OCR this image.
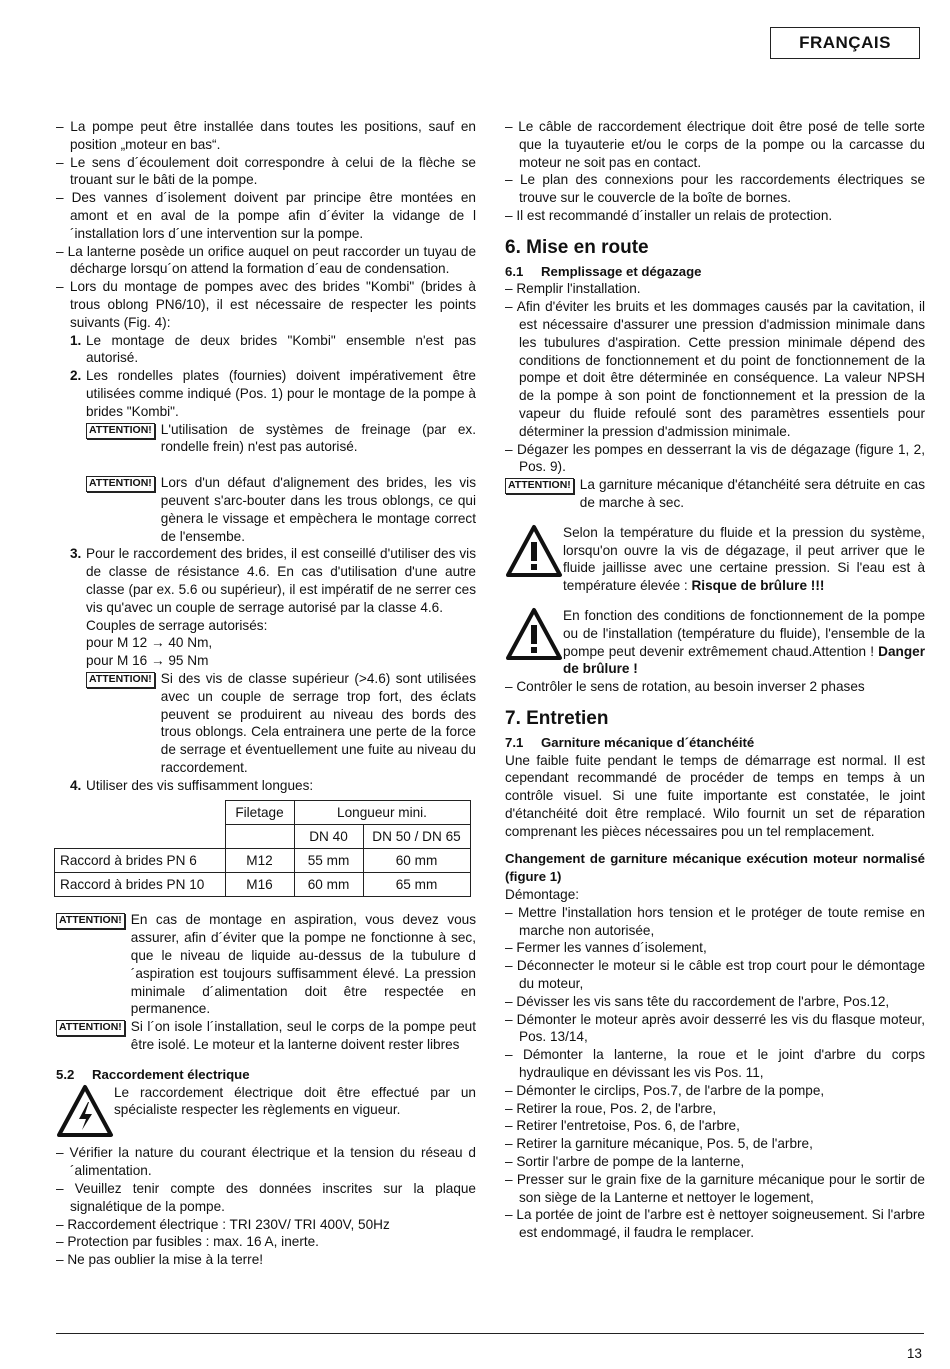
FRANÇAIS

– La pompe peut être installée dans toutes les positions, sauf en position „moteur en bas“.

– Le sens d´écoulement doit correspondre à celui de la flèche se trouant sur le bâti de la pompe.

– Des vannes d´isolement doivent par principe être montées en amont et en aval de la pompe afin d´éviter la vidange de l´installation lors d´une intervention sur la pompe.

– La lanterne posède un orifice auquel on peut raccorder un tuyau de décharge lorsqu´on attend la formation d´eau de condensation.

– Lors du montage de pompes avec des brides "Kombi" (brides à trous oblong PN6/10), il est nécessaire de respecter les points suivants (Fig. 4):

1. Le montage de deux brides "Kombi" ensemble n'est pas autorisé.

2. Les rondelles plates (fournies) doivent impérativement être utilisées comme indiqué (Pos. 1) pour le montage de la pompe à brides "Kombi".

ATTENTION! L'utilisation de systèmes de freinage (par ex. rondelle frein) n'est pas autorisé.
ATTENTION! Lors d'un défaut d'alignement des brides, les vis peuvent s'arc-bouter dans les trous oblongs, ce qui gènera le vissage et empèchera le montage correct de l'ensembe.

3. Pour le raccordement des brides, il est conseillé d'utiliser des vis de classe de résistance 4.6. En cas d'utilisation d'une autre classe (par ex. 5.6 ou supérieur), il est impératif de ne serrer ces vis qu'avec un couple de serrage autorisé par la classe 4.6.

Couples de serrage autorisés:

pour M 12 → 40 Nm,

pour M 16 → 95 Nm

ATTENTION! Si des vis de classe supérieur (>4.6) sont utilisées avec un couple de serrage trop fort, des éclats peuvent se produirent au niveau des bords des trous oblongs. Cela entrainera une perte de la force de serrage et éventuellement une fuite au niveau du raccordement.

4. Utiliser des vis suffisamment longues:

	Filetage	Longueur mini.	
		DN 40	DN 50 / DN 65
Raccord à brides PN 6	M12	55 mm	60 mm
Raccord à brides PN 10	M16	60 mm	65 mm
ATTENTION! En cas de montage en aspiration, vous devez vous assurer, afin d´éviter que la pompe ne fonctionne à sec, que le niveau de liquide au-dessus de la tubulure d´aspiration est toujours suffisamment élevé. La pression minimale d´alimentation doit être respectée en permanence.
ATTENTION! Si l´on isole l´installation, seul le corps de la pompe peut être isolé. Le moteur et la lanterne doivent rester libres

5.2 Raccordement électrique

Le raccordement électrique doit être effectué par un spécialiste respecter les règlements en vigueur.

– Vérifier la nature du courant électrique et la tension du réseau d´alimentation.

– Veuillez tenir compte des données inscrites sur la plaque signalétique de la pompe.

– Raccordement électrique : TRI 230V/ TRI 400V, 50Hz

– Protection par fusibles : max. 16 A, inerte.

– Ne pas oublier la mise à la terre!

– Le câble de raccordement électrique doit être posé de telle sorte que la tuyauterie et/ou le corps de la pompe ou la carcasse du moteur ne soit pas en contact.

– Le plan des connexions pour les raccordements électriques se trouve sur le couvercle de la boîte de bornes.

– Il est recommandé d´installer un relais de protection.

6. Mise en route

6.1 Remplissage et dégazage

– Remplir l'installation.

– Afin d'éviter les bruits et les dommages causés par la cavitation, il est nécessaire d'assurer une pression d'admission minimale dans les tubulures d'aspiration. Cette pression minimale dépend des conditions de fonctionnement et du point de fonctionnement de la pompe et doit être déterminée en conséquence. La valeur NPSH de la pompe à son point de fonctionnement et la pression de la vapeur du fluide refoulé sont des paramètres essentiels pour déterminer la pression d'admission minimale.

– Dégazer les pompes en desserrant la vis de dégazage (figure 1, 2, Pos. 9).

ATTENTION! La garniture mécanique d'étanchéité sera détruite en cas de marche à sec.
Selon la température du fluide et la pression du système, lorsqu'on ouvre la vis de dégazage, il peut arriver que le fluide jaillisse avec une certaine pression. Si l'eau est à température élevée : Risque de brûlure !!!
En fonction des conditions de fonctionnement de la pompe ou de l'installation (température du fluide), l'ensemble de la pompe peut devenir extrêmement chaud.Attention ! Danger de brûlure !

– Contrôler le sens de rotation, au besoin inverser 2 phases

7. Entretien

7.1 Garniture mécanique d´étanchéité

Une faible fuite pendant le temps de démarrage est normal. Il est cependant recommandé de procéder de temps en temps à un contrôle visuel. Si une fuite importante est constatée, le joint d'étanchéité doit être remplacé. Wilo fournit un set de réparation comprenant les pièces nécessaires pou un tel remplacement.

Changement de garniture mécanique exécution moteur normalisé (figure 1)

Démontage:

– Mettre l'installation hors tension et le protéger de toute remise en marche non autorisée,

– Fermer les vannes d´isolement,

– Déconnecter le moteur si le câble est trop court pour le démontage du moteur,

– Dévisser les vis sans tête du raccordement de l'arbre, Pos.12,

– Démonter le moteur après avoir desserré les vis du flasque moteur, Pos. 13/14,

– Démonter la lanterne, la roue et le joint d'arbre du corps hydraulique en dévissant les vis Pos. 11,

– Démonter le circlips, Pos.7, de l'arbre de la pompe,

– Retirer la roue, Pos. 2, de l'arbre,

– Retirer l'entretoise, Pos. 6, de l'arbre,

– Retirer la garniture mécanique, Pos. 5, de l'arbre,

– Sortir l'arbre de pompe de la lanterne,

– Presser sur le grain fixe de la garniture mécanique pour le sortir de son siège de la Lanterne et nettoyer le logement,

– La portée de joint de l'arbre est è nettoyer soigneusement. Si l'arbre est endommagé, il faudra le remplacer.

13
